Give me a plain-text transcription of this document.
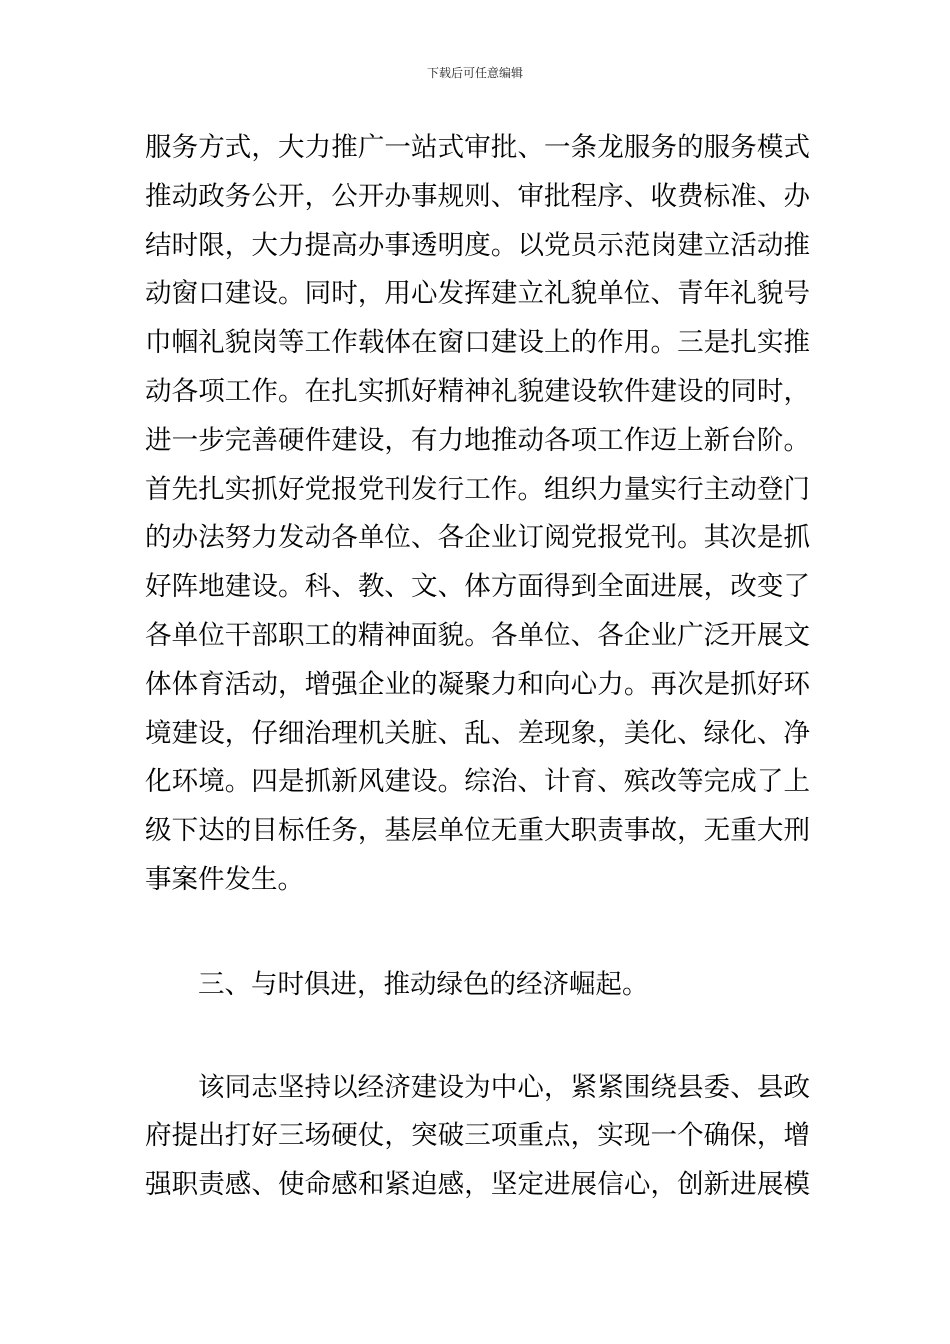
下载后可任意编辑
服务方式，大力推广一站式审批、一条龙服务的服务模式
推动政务公开，公开办事规则、审批程序、收费标准、办
结时限，大力提高办事透明度。以党员示范岗建立活动推
动窗口建设。同时，用心发挥建立礼貌单位、青年礼貌号
巾帼礼貌岗等工作载体在窗口建设上的作用。三是扎实推
动各项工作。在扎实抓好精神礼貌建设软件建设的同时，
进一步完善硬件建设，有力地推动各项工作迈上新台阶。
首先扎实抓好党报党刊发行工作。组织力量实行主动登门
的办法努力发动各单位、各企业订阅党报党刊。其次是抓
好阵地建设。科、教、文、体方面得到全面进展，改变了
各单位干部职工的精神面貌。各单位、各企业广泛开展文
体体育活动，增强企业的凝聚力和向心力。再次是抓好环
境建设，仔细治理机关脏、乱、差现象，美化、绿化、净
化环境。四是抓新风建设。综治、计育、殡改等完成了上
级下达的目标任务，基层单位无重大职责事故，无重大刑
事案件发生。
三、与时俱进，推动绿色的经济崛起。
该同志坚持以经济建设为中心，紧紧围绕县委、县政
府提出打好三场硬仗，突破三项重点，实现一个确保，增
强职责感、使命感和紧迫感，坚定进展信心，创新进展模
